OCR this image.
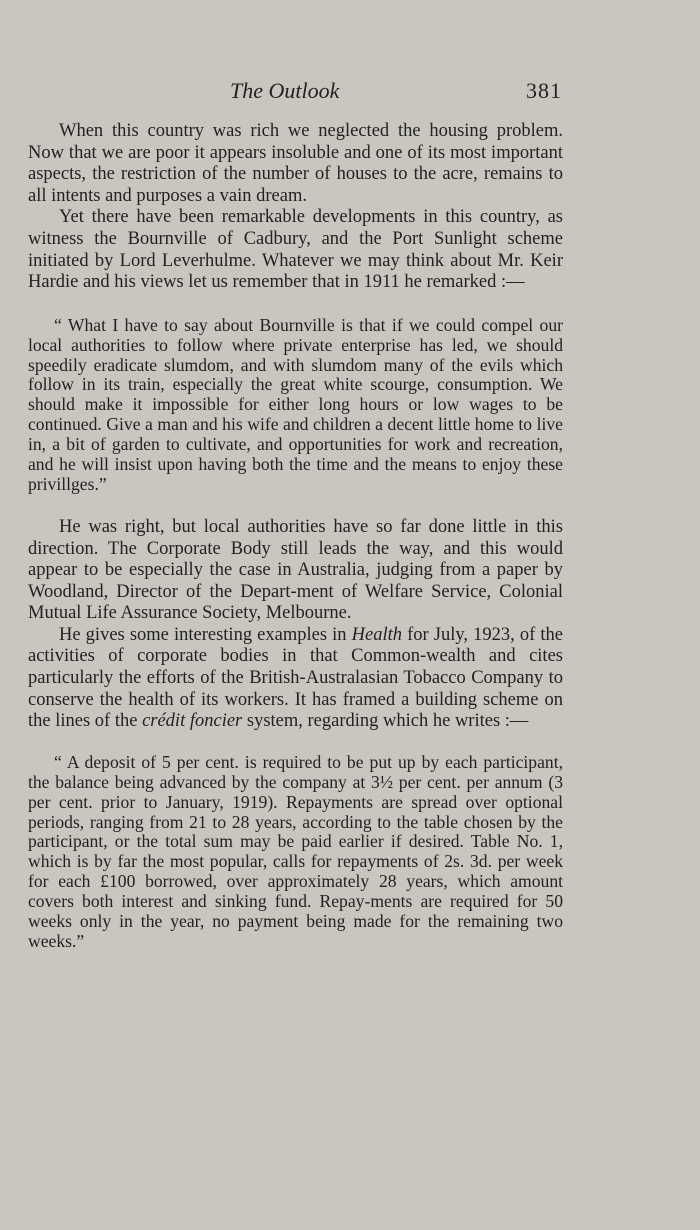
The Outlook	381

When this country was rich we neglected the housing problem. Now that we are poor it appears insoluble and one of its most important aspects, the restriction of the number of houses to the acre, remains to all intents and purposes a vain dream.

Yet there have been remarkable developments in this country, as witness the Bournville of Cadbury, and the Port Sunlight scheme initiated by Lord Leverhulme. Whatever we may think about Mr. Keir Hardie and his views let us remember that in 1911 he remarked :—

“ What I have to say about Bournville is that if we could compel our local authorities to follow where private enterprise has led, we should speedily eradicate slumdom, and with slumdom many of the evils which follow in its train, especially the great white scourge, consumption. We should make it impossible for either long hours or low wages to be continued. Give a man and his wife and children a decent little home to live in, a bit of garden to cultivate, and opportunities for work and recreation, and he will insist upon having both the time and the means to enjoy these privillges.”

He was right, but local authorities have so far done little in this direction. The Corporate Body still leads the way, and this would appear to be especially the case in Australia, judging from a paper by Woodland, Director of the Depart-ment of Welfare Service, Colonial Mutual Life Assurance Society, Melbourne.

He gives some interesting examples in Health for July, 1923, of the activities of corporate bodies in that Common-wealth and cites particularly the efforts of the British-Australasian Tobacco Company to conserve the health of its workers. It has framed a building scheme on the lines of the crédit foncier system, regarding which he writes :—

“ A deposit of 5 per cent. is required to be put up by each participant, the balance being advanced by the company at 3½ per cent. per annum (3 per cent. prior to January, 1919). Repayments are spread over optional periods, ranging from 21 to 28 years, according to the table chosen by the participant, or the total sum may be paid earlier if desired. Table No. 1, which is by far the most popular, calls for repayments of 2s. 3d. per week for each £100 borrowed, over approximately 28 years, which amount covers both interest and sinking fund. Repay-ments are required for 50 weeks only in the year, no payment being made for the remaining two weeks.”
